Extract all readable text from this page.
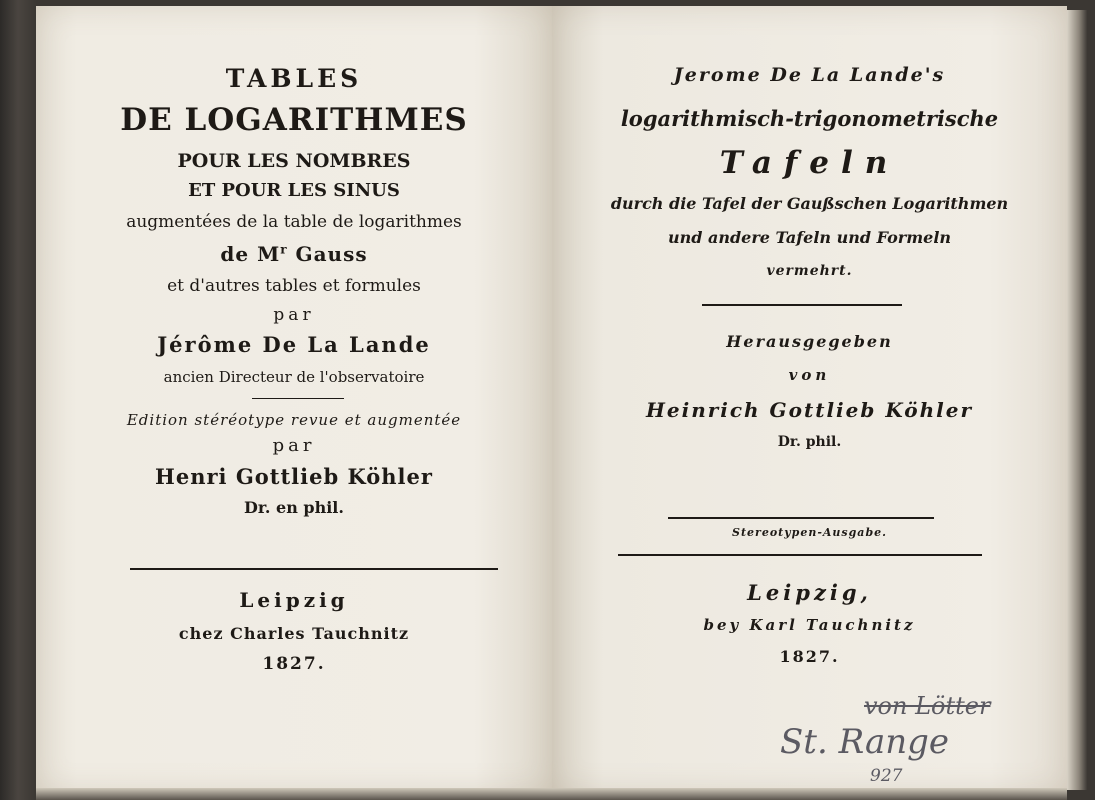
TABLES
DE LOGARITHMES
POUR LES NOMBRES
ET POUR LES SINUS
augmentées de la table de logarithmes
de $M^r$ Gauss
et d'autres tables et formules
par
Jérôme De La Lande
ancien Directeur de l'observatoire
Edition stéréotype revue et augmentée
par
Henri Gottlieb Köhler
Dr. en phil.
Leipzig
chez Charles Tauchnitz
1827.
Jerome De La Lande's
logarithmisch-trigonometrische
Tafeln
durch die Tafel der Gaußschen Logarithmen
und andere Tafeln und Formeln
vermehrt.
Herausgegeben
von
Heinrich Gottlieb Köhler
Dr. phil.
Stereotypen-Ausgabe.
Leipzig,
bey Karl Tauchnitz
1827.
von Lötter
St. Range
927
